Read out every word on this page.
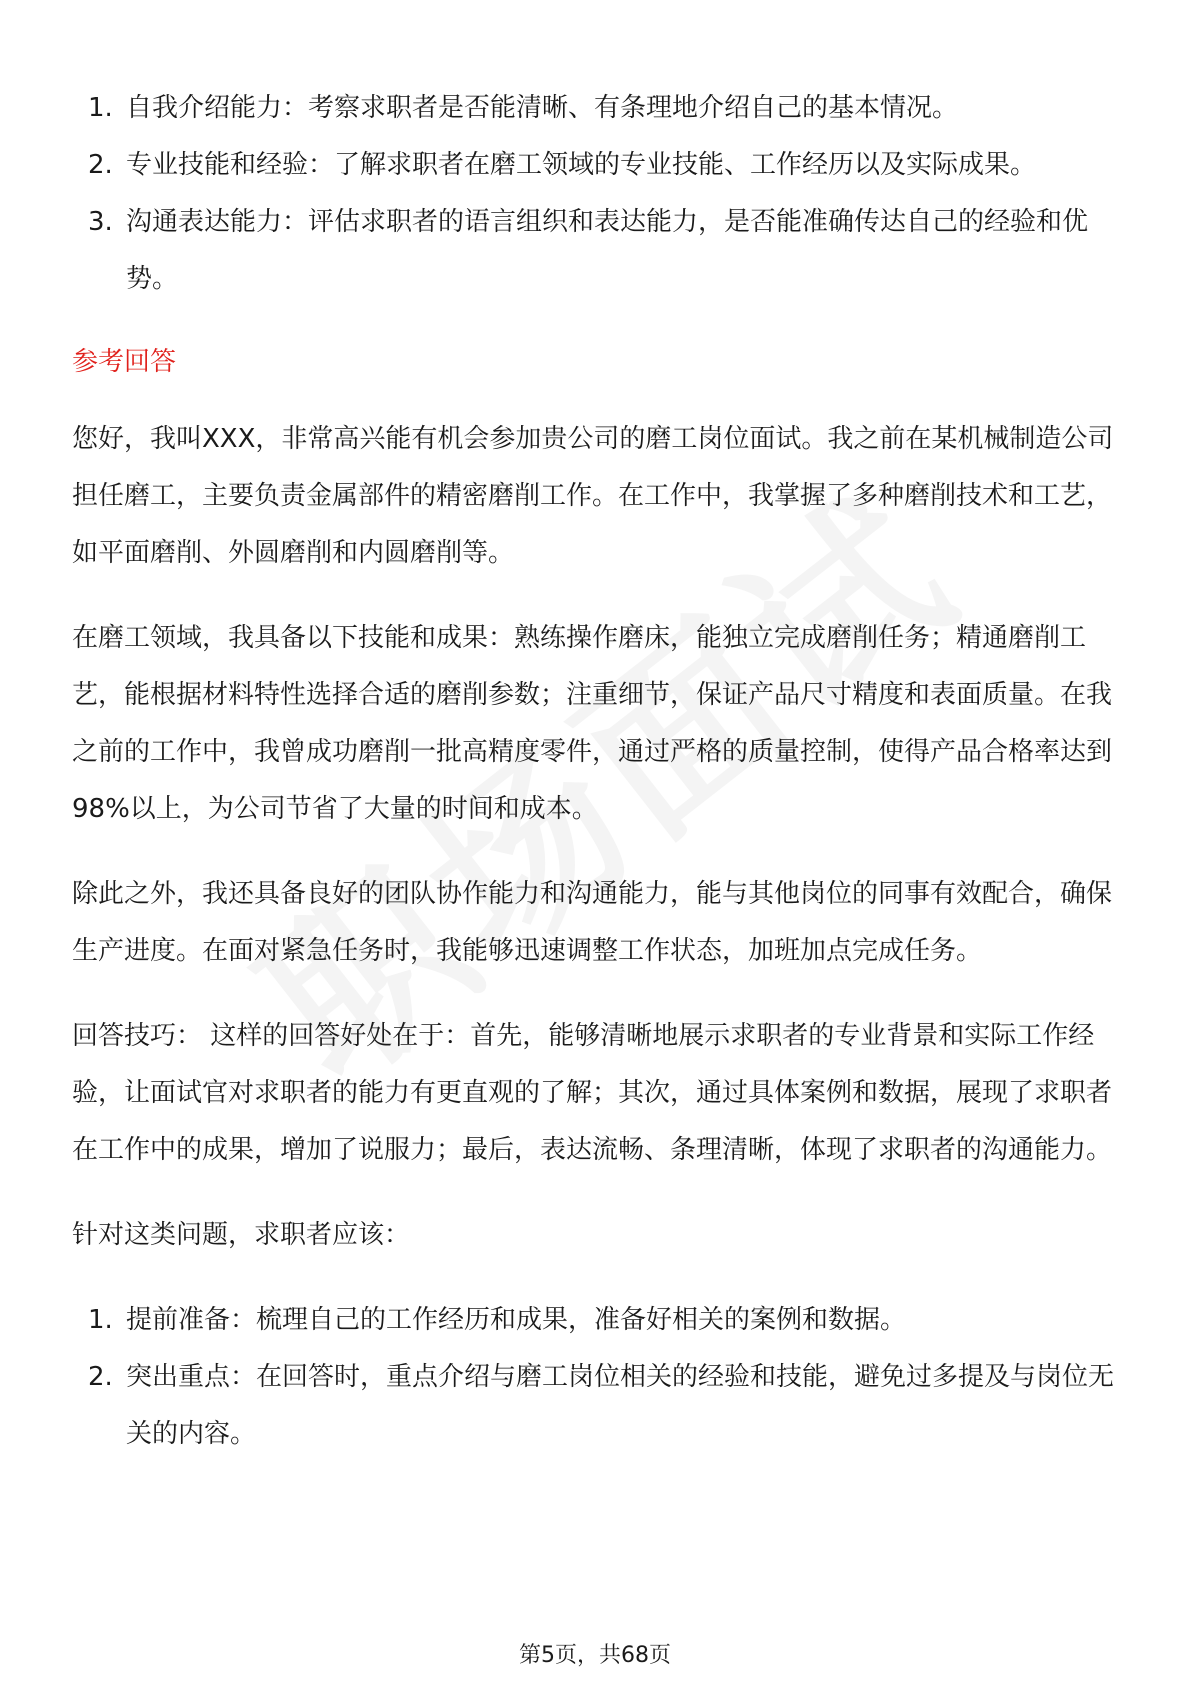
1. 自我介绍能力：考察求职者是否能清晰、有条理地介绍自己的基本情况。
2. 专业技能和经验：了解求职者在磨工领域的专业技能、工作经历以及实际成果。
3. 沟通表达能力：评估求职者的语言组织和表达能力，是否能准确传达自己的经验和优势。
参考回答

您好，我叫XXX，非常高兴能有机会参加贵公司的磨工岗位面试。我之前在某机械制造公司担任磨工，主要负责金属部件的精密磨削工作。在工作中，我掌握了多种磨削技术和工艺，如平面磨削、外圆磨削和内圆磨削等。

在磨工领域，我具备以下技能和成果：熟练操作磨床，能独立完成磨削任务；精通磨削工艺，能根据材料特性选择合适的磨削参数；注重细节，保证产品尺寸精度和表面质量。在我之前的工作中，我曾成功磨削一批高精度零件，通过严格的质量控制，使得产品合格率达到98%以上，为公司节省了大量的时间和成本。

除此之外，我还具备良好的团队协作能力和沟通能力，能与其他岗位的同事有效配合，确保生产进度。在面对紧急任务时，我能够迅速调整工作状态，加班加点完成任务。

回答技巧： 这样的回答好处在于：首先，能够清晰地展示求职者的专业背景和实际工作经验，让面试官对求职者的能力有更直观的了解；其次，通过具体案例和数据，展现了求职者在工作中的成果，增加了说服力；最后，表达流畅、条理清晰，体现了求职者的沟通能力。

针对这类问题，求职者应该：

1. 提前准备：梳理自己的工作经历和成果，准备好相关的案例和数据。
2. 突出重点：在回答时，重点介绍与磨工岗位相关的经验和技能，避免过多提及与岗位无关的内容。
第5页，共68页
